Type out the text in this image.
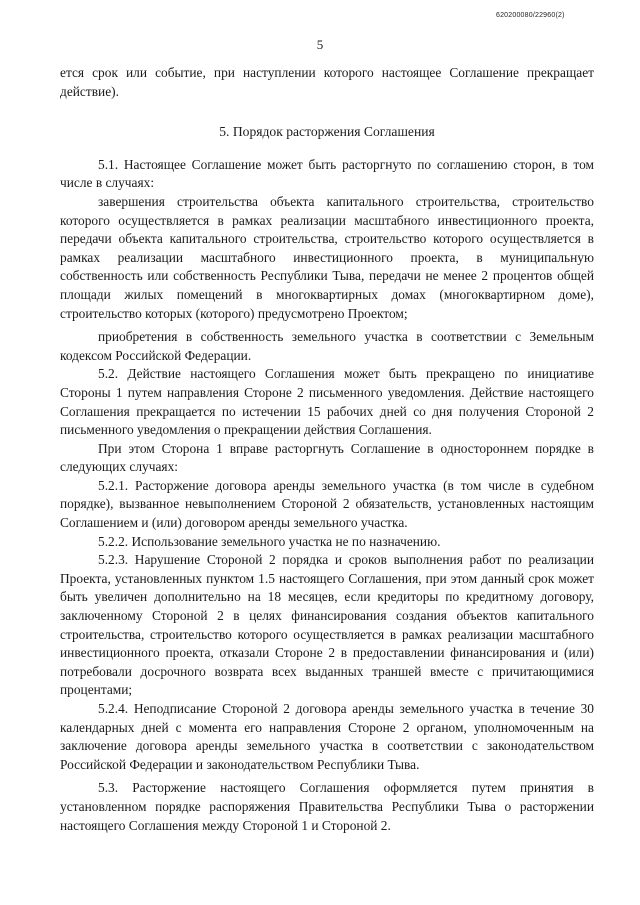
620200080/22960(2)
5

ется срок или событие, при наступлении которого настоящее Соглашение прекращает действие).

5. Порядок расторжения Соглашения

5.1. Настоящее Соглашение может быть расторгнуто по соглашению сторон, в том числе в случаях:

завершения строительства объекта капитального строительства, строительство которого осуществляется в рамках реализации масштабного инвестиционного проекта, передачи объекта капитального строительства, строительство которого осуществляется в рамках реализации масштабного инвестиционного проекта, в муниципальную собственность или собственность Республики Тыва, передачи не менее 2 процентов общей площади жилых помещений в многоквартирных домах (многоквартирном доме), строительство которых (которого) предусмотрено Проектом;

приобретения в собственность земельного участка в соответствии с Земельным кодексом Российской Федерации.

5.2. Действие настоящего Соглашения может быть прекращено по инициативе Стороны 1 путем направления Стороне 2 письменного уведомления. Действие настоящего Соглашения прекращается по истечении 15 рабочих дней со дня получения Стороной 2 письменного уведомления о прекращении действия Соглашения.

При этом Сторона 1 вправе расторгнуть Соглашение в одностороннем порядке в следующих случаях:

5.2.1. Расторжение договора аренды земельного участка (в том числе в судебном порядке), вызванное невыполнением Стороной 2 обязательств, установленных настоящим Соглашением и (или) договором аренды земельного участка.

5.2.2. Использование земельного участка не по назначению.

5.2.3. Нарушение Стороной 2 порядка и сроков выполнения работ по реализации Проекта, установленных пунктом 1.5 настоящего Соглашения, при этом данный срок может быть увеличен дополнительно на 18 месяцев, если кредиторы по кредитному договору, заключенному Стороной 2 в целях финансирования создания объектов капитального строительства, строительство которого осуществляется в рамках реализации масштабного инвестиционного проекта, отказали Стороне 2 в предоставлении финансирования и (или) потребовали досрочного возврата всех выданных траншей вместе с причитающимися процентами;

5.2.4. Неподписание Стороной 2 договора аренды земельного участка в течение 30 календарных дней с момента его направления Стороне 2 органом, уполномоченным на заключение договора аренды земельного участка в соответствии с законодательством Российской Федерации и законодательством Республики Тыва.

5.3. Расторжение настоящего Соглашения оформляется путем принятия в установленном порядке распоряжения Правительства Республики Тыва о расторжении настоящего Соглашения между Стороной 1 и Стороной 2.
